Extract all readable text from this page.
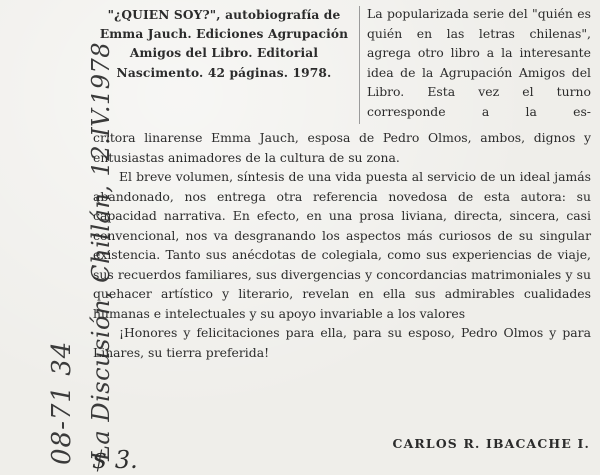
08-71 34 La Discusión, Chillán, 12.IV.1978
$ 3.
"¿QUIEN SOY?", autobiografía de Emma Jauch. Ediciones Agrupación Amigos del Libro. Editorial Nascimento. 42 páginas. 1978.
La popularizada serie del "quién es quién en las letras chilenas", agrega otro libro a la interesante idea de la Agrupación Amigos del Libro. Esta vez el turno corresponde a la es-

critora linarense Emma Jauch, esposa de Pedro Olmos, ambos, dignos y entusiastas animadores de la cultura de su zona.

El breve volumen, síntesis de una vida puesta al servicio de un ideal jamás abandonado, nos entrega otra referencia novedosa de esta autora: su capacidad narrativa. En efecto, en una prosa liviana, directa, sincera, casi convencional, nos va desgranando los aspectos más curiosos de su singular existencia. Tanto sus anécdotas de colegiala, como sus experiencias de viaje, sus recuerdos familiares, sus divergencias y concordancias matrimoniales y su quehacer artístico y literario, revelan en ella sus admirables cualidades humanas e intelectuales y su apoyo invariable a los valores

¡Honores y felicitaciones para ella, para su esposo, Pedro Olmos y para Linares, su tierra preferida!

CARLOS R. IBACACHE I.
